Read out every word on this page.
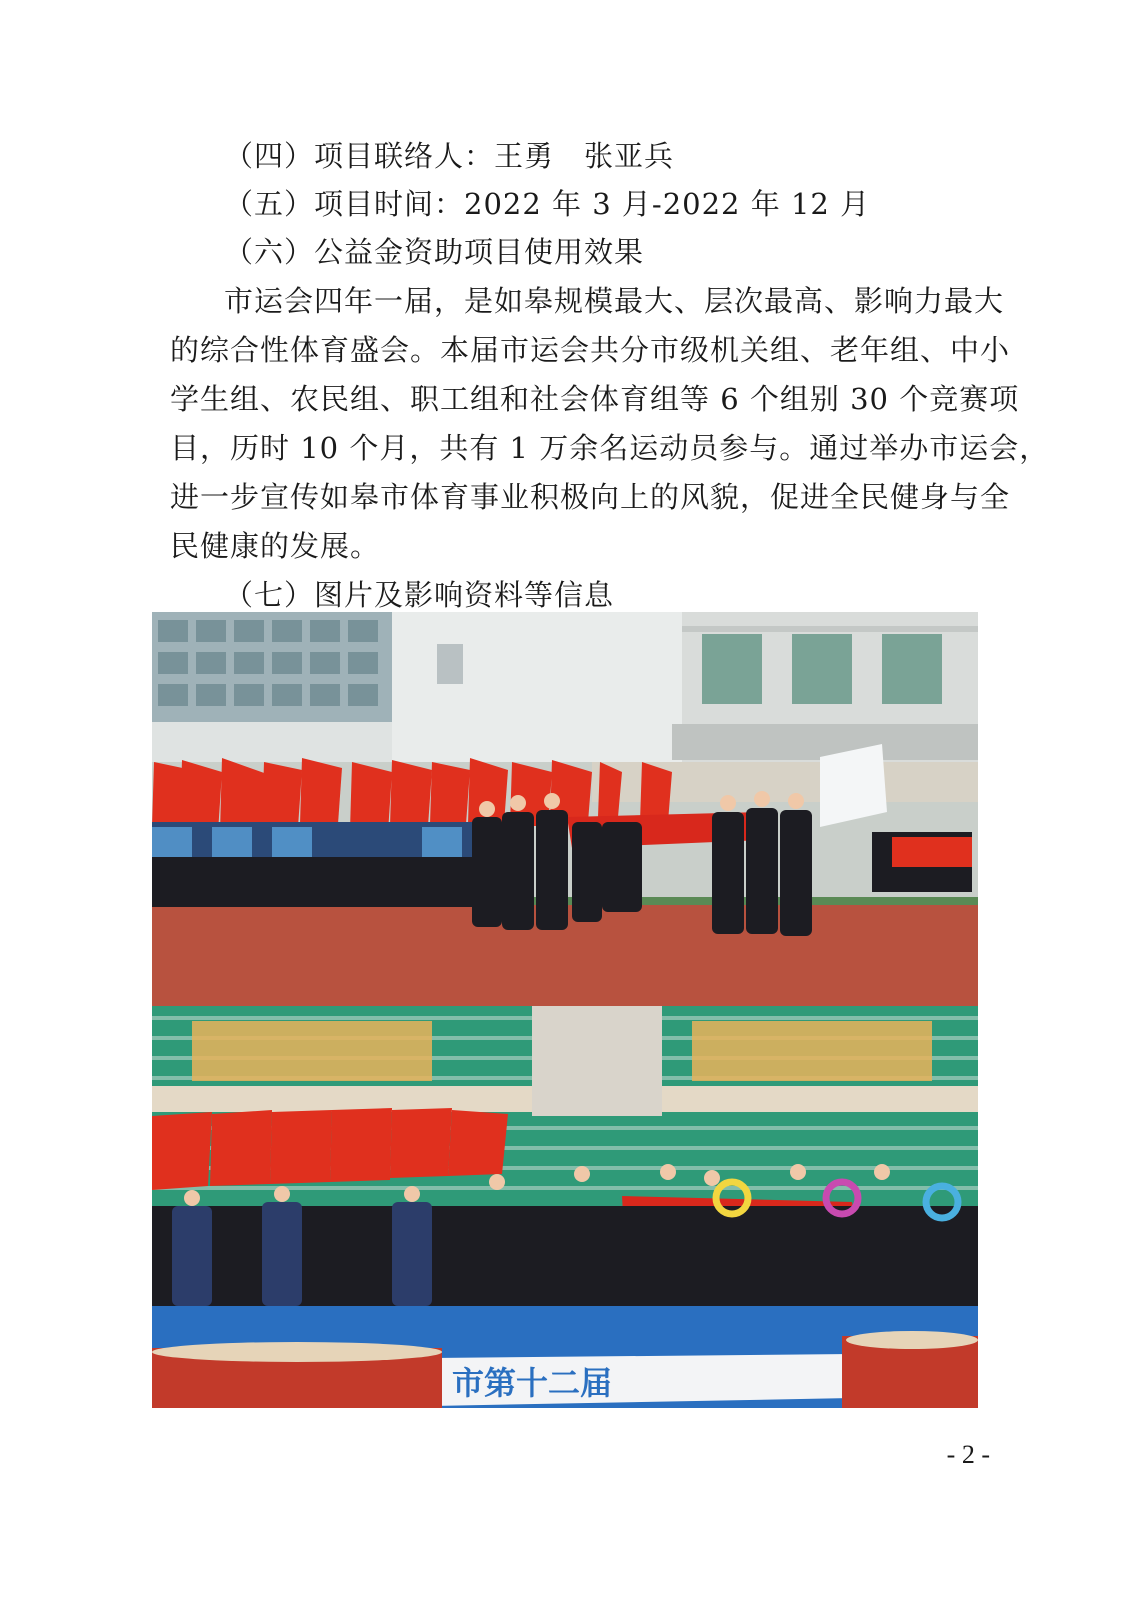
（四）项目联络人：王勇　张亚兵
（五）项目时间：2022 年 3 月-2022 年 12 月
（六）公益金资助项目使用效果
市运会四年一届，是如皋规模最大、层次最高、影响力最大
的综合性体育盛会。本届市运会共分市级机关组、老年组、中小
学生组、农民组、职工组和社会体育组等 6 个组别 30 个竞赛项
目，历时 10 个月，共有 1 万余名运动员参与。通过举办市运会，
进一步宣传如皋市体育事业积极向上的风貌，促进全民健身与全
民健康的发展。
（七）图片及影响资料等信息
市第十二届
- 2 -
